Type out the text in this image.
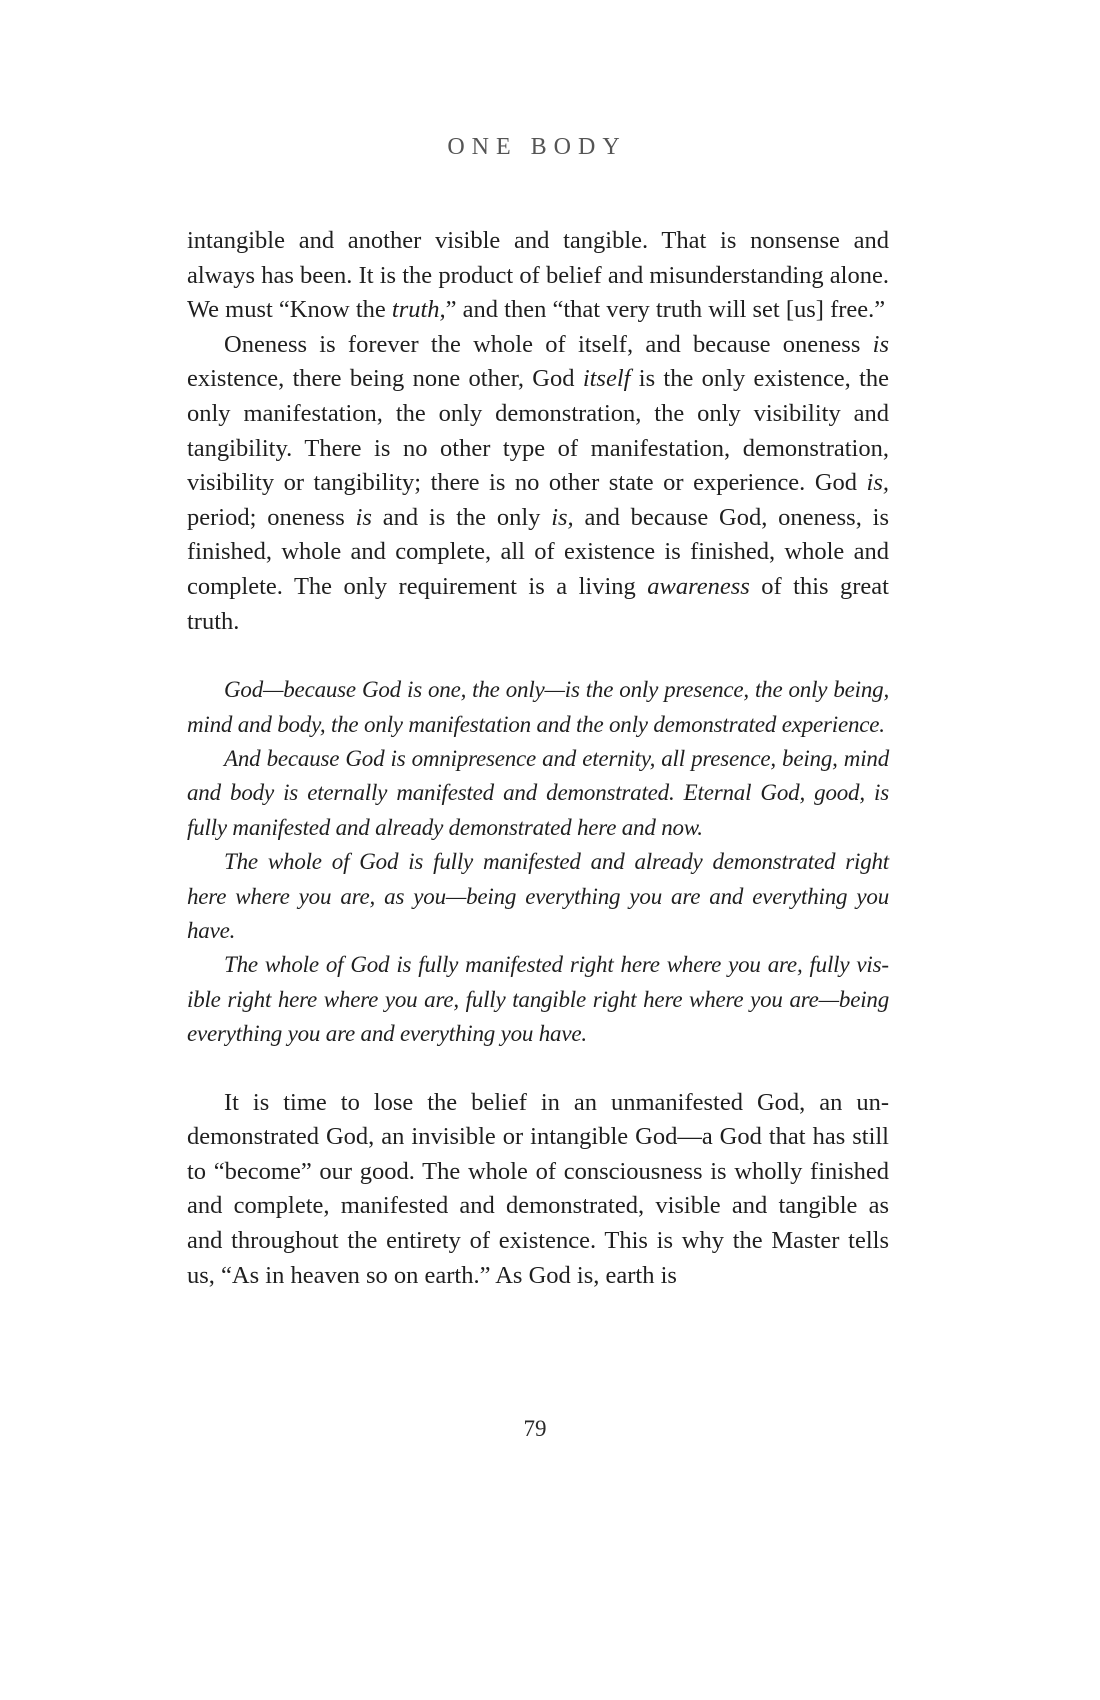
ONE BODY

intangible and another visible and tangible. That is nonsense and always has been. It is the product of belief and misunderstanding alone. We must “Know the truth,” and then “that very truth will set [us] free.”

Oneness is forever the whole of itself, and because oneness is existence, there being none other, God itself is the only existence, the only manifestation, the only demonstration, the only visibility and tangibility. There is no other type of manifestation, demonstration, visibility or tangibility; there is no other state or experience. God is, period; oneness is and is the only is, and because God, oneness, is finished, whole and complete, all of existence is finished, whole and complete. The only requirement is a living awareness of this great truth.

God—because God is one, the only—is the only presence, the only being, mind and body, the only manifestation and the only demonstrated experience.

And because God is omnipresence and eternity, all presence, being, mind and body is eternally manifested and demonstrated. Eternal God, good, is fully manifested and already demonstrated here and now.

The whole of God is fully manifested and already demonstrated right here where you are, as you—being everything you are and everything you have.

The whole of God is fully manifested right here where you are, fully visible right here where you are, fully tangible right here where you are—being everything you are and everything you have.

It is time to lose the belief in an unmanifested God, an undemonstrated God, an invisible or intangible God—a God that has still to “become” our good. The whole of consciousness is wholly finished and complete, manifested and demonstrated, visible and tangible as and throughout the entirety of existence. This is why the Master tells us, “As in heaven so on earth.” As God is, earth is

79
